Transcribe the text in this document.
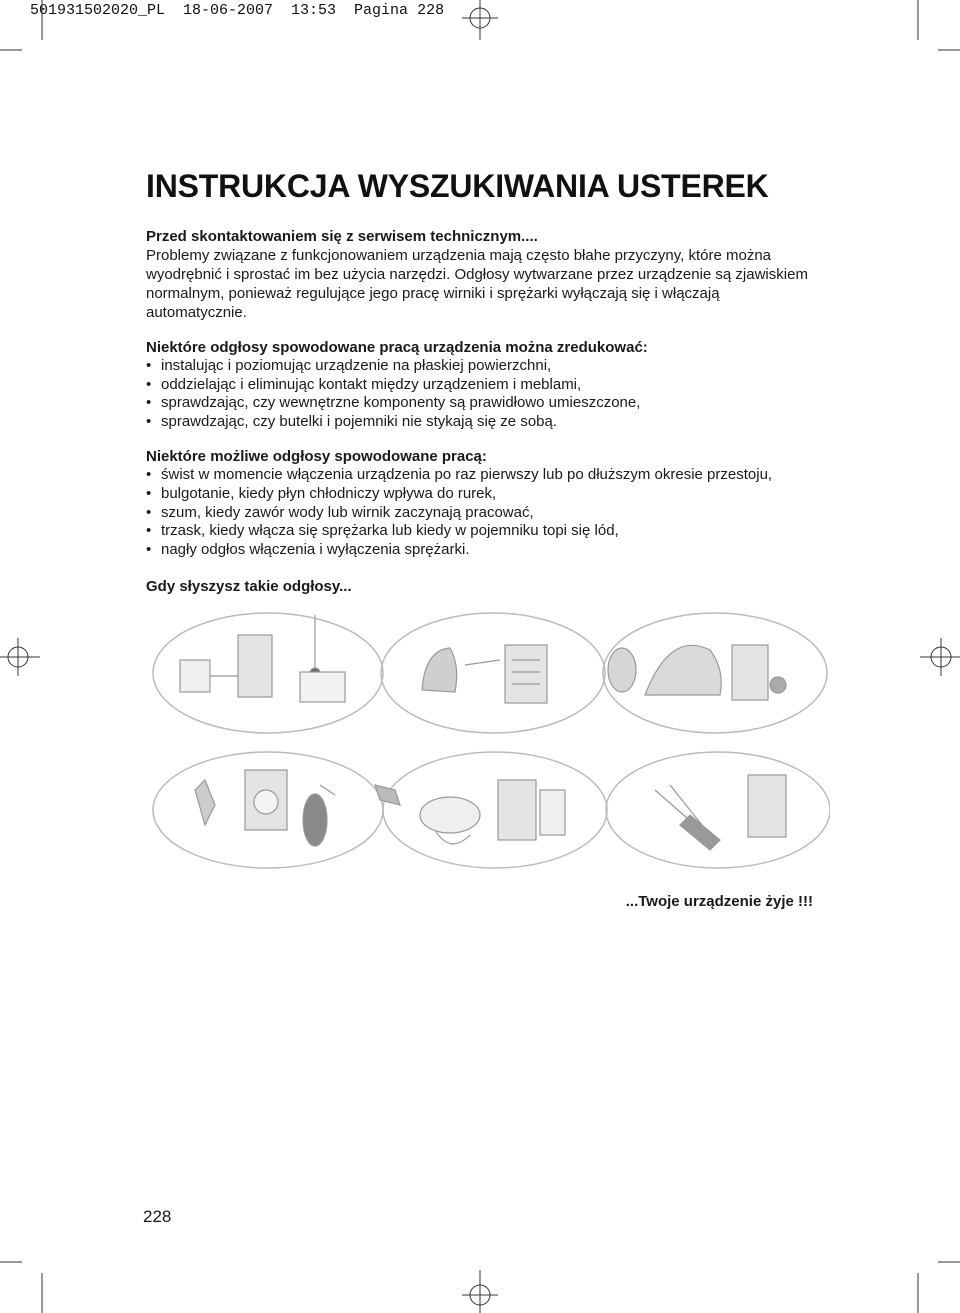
501931502020_PL  18-06-2007  13:53  Pagina 228
INSTRUKCJA WYSZUKIWANIA USTEREK

Przed skontaktowaniem się z serwisem technicznym....

Problemy związane z funkcjonowaniem urządzenia mają często błahe przyczyny, które można wyodrębnić i sprostać im bez użycia narzędzi. Odgłosy wytwarzane przez urządzenie są zjawiskiem normalnym, ponieważ regulujące jego pracę wirniki i sprężarki wyłączają się i włączają automatycznie.

Niektóre odgłosy spowodowane pracą urządzenia można zredukować:

• instalując i poziomując urządzenie na płaskiej powierzchni,
• oddzielając i eliminując kontakt między urządzeniem i meblami,
• sprawdzając, czy wewnętrzne komponenty są prawidłowo umieszczone,
• sprawdzając, czy butelki i pojemniki nie stykają się ze sobą.

Niektóre możliwe odgłosy spowodowane pracą:

• świst w momencie włączenia urządzenia po raz pierwszy lub po dłuższym okresie przestoju,
• bulgotanie, kiedy płyn chłodniczy wpływa do rurek,
• szum, kiedy zawór wody lub wirnik zaczynają pracować,
• trzask, kiedy włącza się sprężarka lub kiedy w pojemniku topi się lód,
• nagły odgłos włączenia i wyłączenia sprężarki.

Gdy słyszysz takie odgłosy...

...Twoje urządzenie żyje !!!
228
